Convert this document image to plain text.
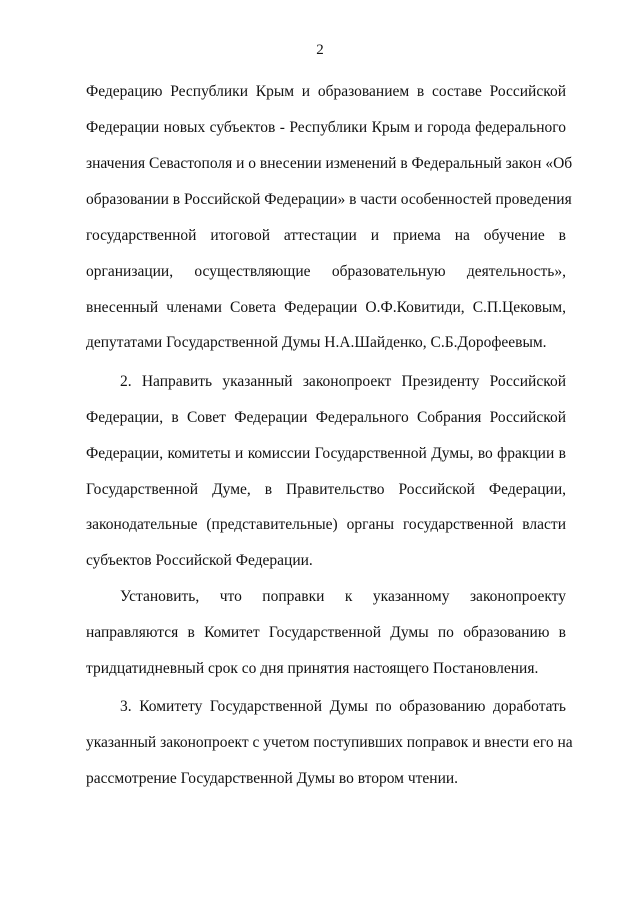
2
Федерацию Республики Крым и образованием в составе Российской
Федерации новых субъектов - Республики Крым и города федерального
значения Севастополя и о внесении изменений в Федеральный закон «Об
образовании в Российской Федерации» в части особенностей проведения
государственной итоговой аттестации и приема на обучение в
организации, осуществляющие образовательную деятельность»,
внесенный членами Совета Федерации О.Ф.Ковитиди, С.П.Цековым,
депутатами Государственной Думы Н.А.Шайденко, С.Б.Дорофеевым.
2. Направить указанный законопроект Президенту Российской
Федерации, в Совет Федерации Федерального Собрания Российской
Федерации, комитеты и комиссии Государственной Думы, во фракции в
Государственной Думе, в Правительство Российской Федерации,
законодательные (представительные) органы государственной власти
субъектов Российской Федерации.
Установить, что поправки к указанному законопроекту
направляются в Комитет Государственной Думы по образованию в
тридцатидневный срок со дня принятия настоящего Постановления.
3. Комитету Государственной Думы по образованию доработать
указанный законопроект с учетом поступивших поправок и внести его на
рассмотрение Государственной Думы во втором чтении.
